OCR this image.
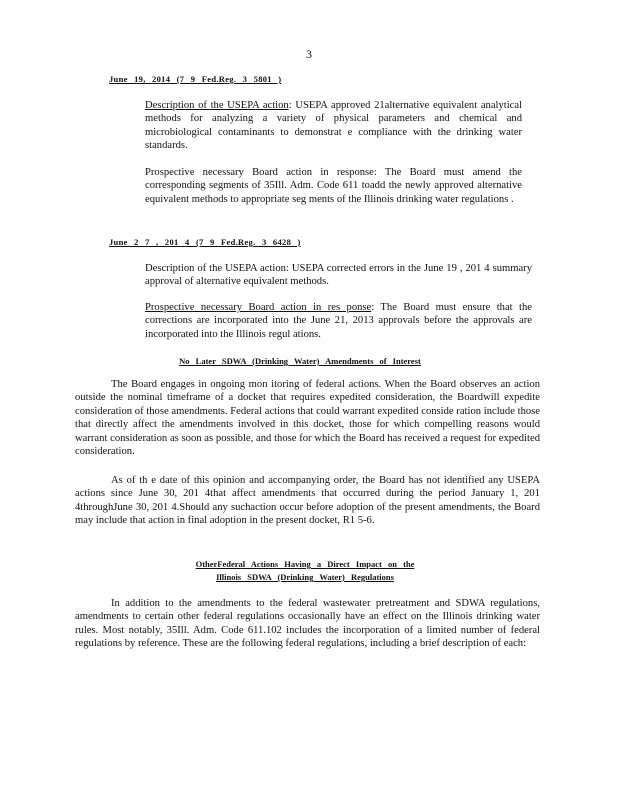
3
June 19, 2014 (7 9 Fed.Reg. 3 5801 )
Description of the USEPA action: USEPA approved 21alternative equivalent analytical methods for analyzing a variety of physical parameters and chemical and microbiological contaminants to demonstrat e compliance with the drinking water standards.
Prospective necessary Board action in response: The Board must amend the corresponding segments of 35Ill. Adm. Code 611 toadd the newly approved alternative equivalent methods to appropriate seg ments of the Illinois drinking water regulations .
June 2 7 , 201 4 (7 9 Fed.Reg. 3 6428 )
Description of the USEPA action: USEPA corrected errors in the June 19 , 201 4 summary approval of alternative equivalent methods.
Prospective necessary Board action in res ponse: The Board must ensure that the corrections are incorporated into the June 21, 2013 approvals before the approvals are incorporated into the Illinois regul ations.
No Later SDWA (Drinking Water) Amendments of Interest
The Board engages in ongoing mon itoring of federal actions. When the Board observes an action outside the nominal timeframe of a docket that requires expedited consideration, the Boardwill expedite consideration of those amendments. Federal actions that could warrant expedited conside ration include those that directly affect the amendments involved in this docket, those for which compelling reasons would warrant consideration as soon as possible, and those for which the Board has received a request for expedited consideration.
As of th e date of this opinion and accompanying order, the Board has not identified any USEPA actions since June 30, 201 4that affect amendments that occurred during the period January 1, 201 4throughJune 30, 201 4.Should any suchaction occur before adoption of the present amendments, the Board may include that action in final adoption in the present docket, R1 5-6.
OtherFederal Actions Having a Direct Impact on the
Illinois SDWA (Drinking Water) Regulations
In addition to the amendments to the federal wastewater pretreatment and SDWA regulations, amendments to certain other federal regulations occasionally have an effect on the Illinois drinking water rules. Most notably, 35Ill. Adm. Code 611.102 includes the incorporation of a limited number of federal regulations by reference. These are the following federal regulations, including a brief description of each:
